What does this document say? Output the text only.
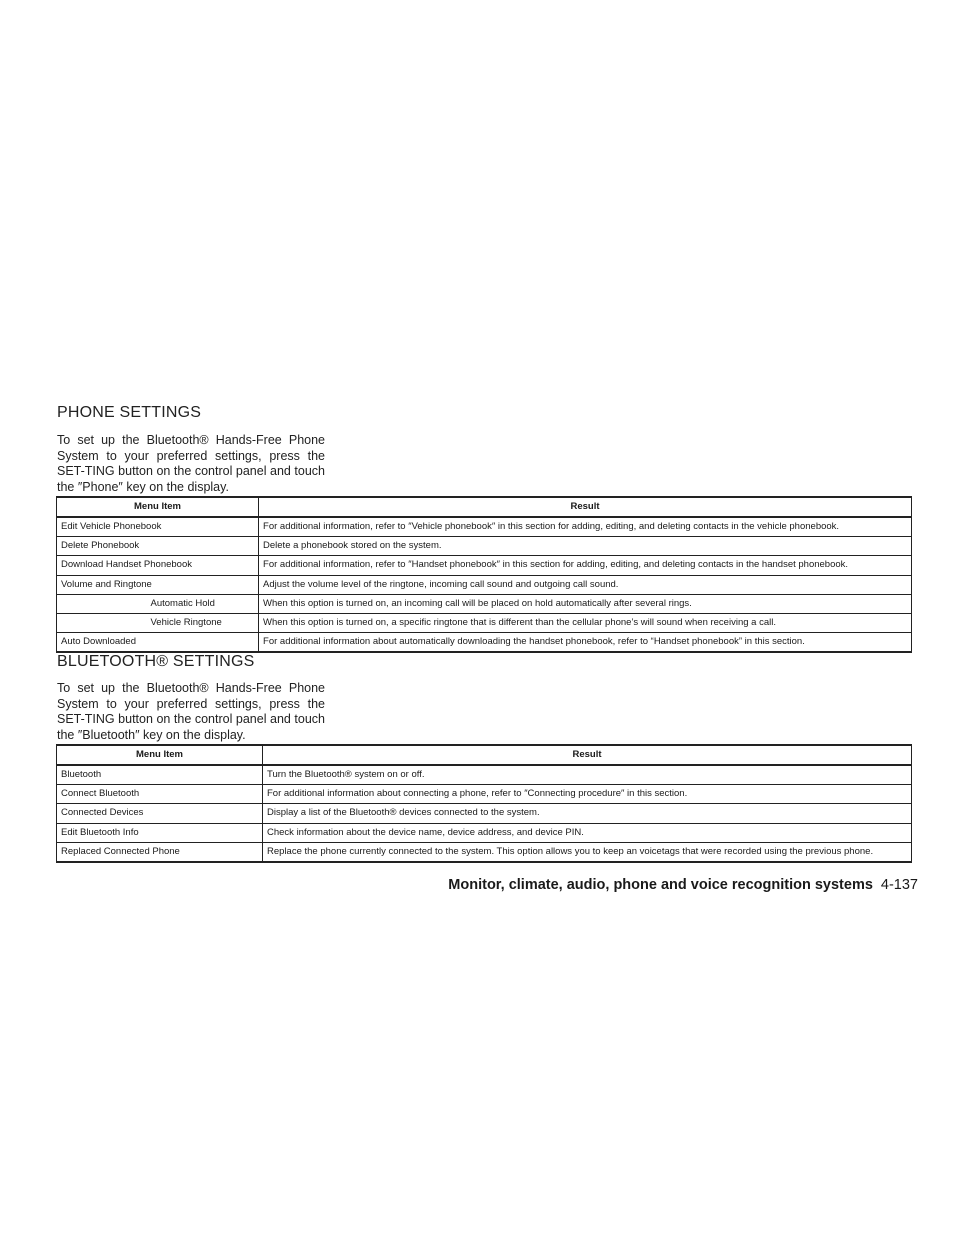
PHONE SETTINGS

To set up the Bluetooth® Hands-Free Phone System to your preferred settings, press the SET-TING button on the control panel and touch the ″Phone″ key on the display.

Menu Item		Result
Edit Vehicle Phonebook		For additional information, refer to ″Vehicle phonebook″ in this section for adding, editing, and deleting contacts in the vehicle phonebook.
Delete Phonebook		Delete a phonebook stored on the system.
Download Handset Phonebook		For additional information, refer to ″Handset phonebook″ in this section for adding, editing, and deleting contacts in the handset phonebook.
Volume and Ringtone		Adjust the volume level of the ringtone, incoming call sound and outgoing call sound.
	Automatic Hold	When this option is turned on, an incoming call will be placed on hold automatically after several rings.
	Vehicle Ringtone	When this option is turned on, a specific ringtone that is different than the cellular phone’s will sound when receiving a call.
Auto Downloaded		For additional information about automatically downloading the handset phonebook, refer to “Handset phonebook” in this section.
BLUETOOTH® SETTINGS

To set up the Bluetooth® Hands-Free Phone System to your preferred settings, press the SET-TING button on the control panel and touch the ″Bluetooth″ key on the display.

Menu Item	Result
Bluetooth	Turn the Bluetooth® system on or off.
Connect Bluetooth	For additional information about connecting a phone, refer to ″Connecting procedure″ in this section.
Connected Devices	Display a list of the Bluetooth® devices connected to the system.
Edit Bluetooth Info	Check information about the device name, device address, and device PIN.
Replaced Connected Phone	Replace the phone currently connected to the system. This option allows you to keep an voicetags that were recorded using the previous phone.
Monitor, climate, audio, phone and voice recognition systems 4-137
